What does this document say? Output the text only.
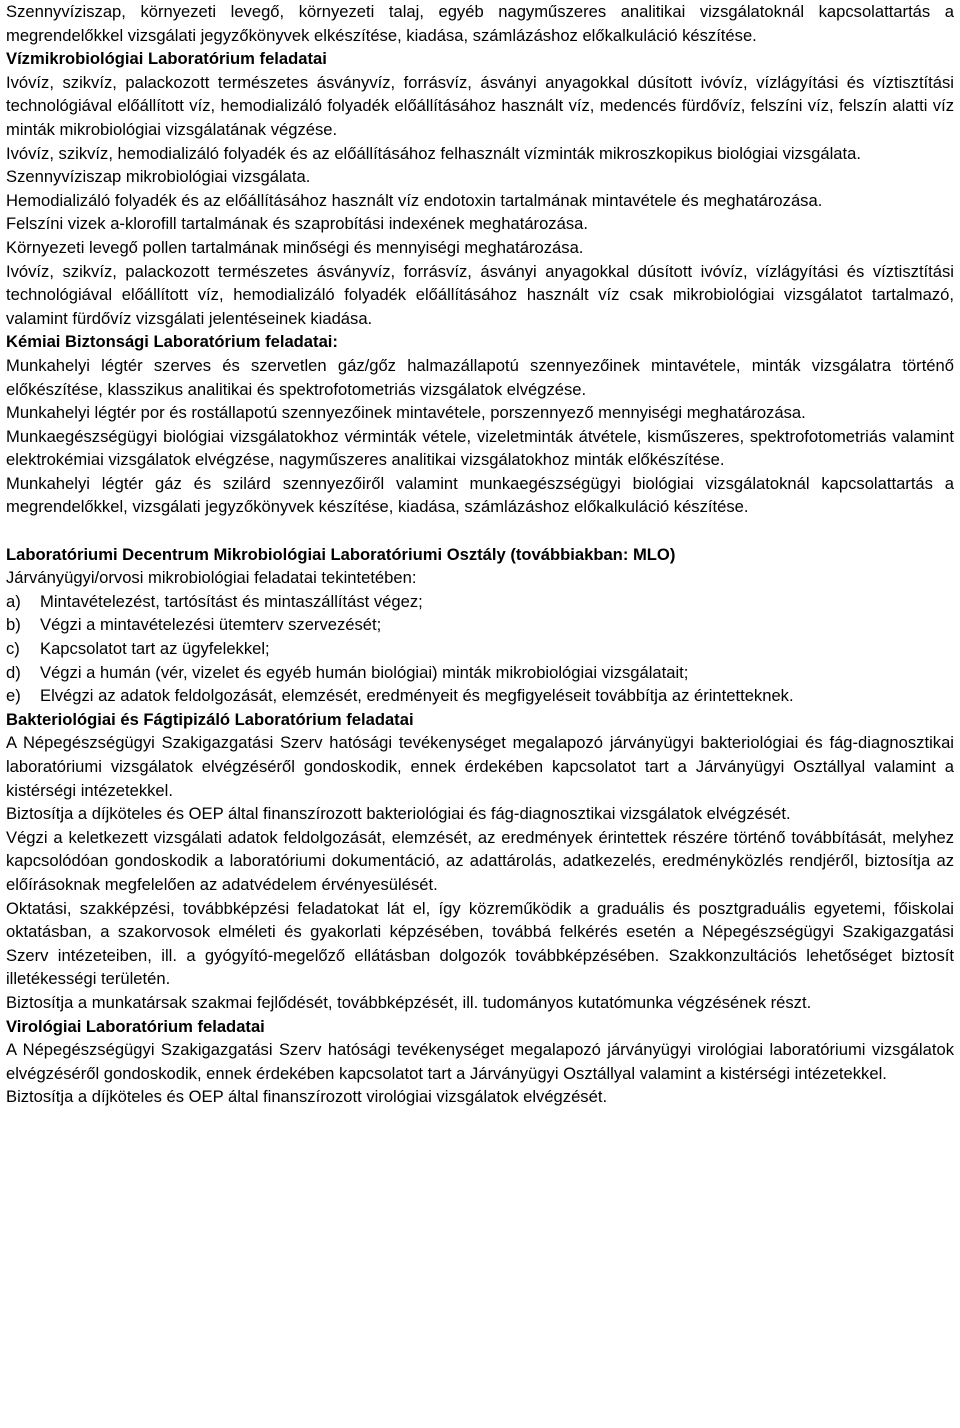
Szennyvíziszap, környezeti levegő, környezeti talaj, egyéb nagyműszeres analitikai vizsgálatoknál kapcsolattartás a megrendelőkkel vizsgálati jegyzőkönyvek elkészítése, kiadása, számlázáshoz előkalkuláció készítése.

Vízmikrobiológiai Laboratórium feladatai

Ivóvíz, szikvíz, palackozott természetes ásványvíz, forrásvíz, ásványi anyagokkal dúsított ivóvíz, vízlágyítási és víztisztítási technológiával előállított víz, hemodializáló folyadék előállításához használt víz, medencés fürdővíz, felszíni víz, felszín alatti víz minták mikrobiológiai vizsgálatának végzése.

Ivóvíz, szikvíz, hemodializáló folyadék és az előállításához felhasznált vízminták mikroszkopikus biológiai vizsgálata.

Szennyvíziszap mikrobiológiai vizsgálata.

Hemodializáló folyadék és az előállításához használt víz endotoxin tartalmának mintavétele és meghatározása.

Felszíni vizek a-klorofill tartalmának és szaprobítási indexének meghatározása.

Környezeti levegő pollen tartalmának minőségi és mennyiségi meghatározása.

Ivóvíz, szikvíz, palackozott természetes ásványvíz, forrásvíz, ásványi anyagokkal dúsított ivóvíz, vízlágyítási és víztisztítási technológiával előállított víz, hemodializáló folyadék előállításához használt víz csak mikrobiológiai vizsgálatot tartalmazó, valamint fürdővíz vizsgálati jelentéseinek kiadása.

Kémiai Biztonsági Laboratórium feladatai:

Munkahelyi légtér szerves és szervetlen gáz/gőz halmazállapotú szennyezőinek mintavétele, minták vizsgálatra történő előkészítése, klasszikus analitikai és spektrofotometriás vizsgálatok elvégzése.

Munkahelyi légtér por és rostállapotú szennyezőinek mintavétele, porszennyező mennyiségi meghatározása.

Munkaegészségügyi biológiai vizsgálatokhoz vérminták vétele, vizeletminták átvétele, kisműszeres, spektrofotometriás valamint elektrokémiai vizsgálatok elvégzése, nagyműszeres analitikai vizsgálatokhoz minták előkészítése.

Munkahelyi légtér gáz és szilárd szennyezőiről valamint munkaegészségügyi biológiai vizsgálatoknál kapcsolattartás a megrendelőkkel, vizsgálati jegyzőkönyvek készítése, kiadása, számlázáshoz előkalkuláció készítése.

Laboratóriumi Decentrum Mikrobiológiai Laboratóriumi Osztály (továbbiakban: MLO)

Járványügyi/orvosi mikrobiológiai feladatai tekintetében:

a)	Mintavételezést, tartósítást és mintaszállítást végez;
b)	Végzi a mintavételezési ütemterv szervezését;
c)	Kapcsolatot tart az ügyfelekkel;
d)	Végzi a humán (vér, vizelet és egyéb humán biológiai) minták mikrobiológiai vizsgálatait;
e)	Elvégzi az adatok feldolgozását, elemzését, eredményeit és megfigyeléseit továbbítja az érintetteknek.
Bakteriológiai és Fágtipizáló Laboratórium feladatai

A Népegészségügyi Szakigazgatási Szerv hatósági tevékenységet megalapozó járványügyi bakteriológiai és fág-diagnosztikai laboratóriumi vizsgálatok elvégzéséről gondoskodik, ennek érdekében kapcsolatot tart a Járványügyi Osztállyal valamint a kistérségi intézetekkel.

Biztosítja a díjköteles és OEP által finanszírozott bakteriológiai és fág-diagnosztikai vizsgálatok elvégzését.

Végzi a keletkezett vizsgálati adatok feldolgozását, elemzését, az eredmények érintettek részére történő továbbítását, melyhez kapcsolódóan gondoskodik a laboratóriumi dokumentáció, az adattárolás, adatkezelés, eredményközlés rendjéről, biztosítja az előírásoknak megfelelően az adatvédelem érvényesülését.

Oktatási, szakképzési, továbbképzési feladatokat lát el, így közreműködik a graduális és posztgraduális egyetemi, főiskolai oktatásban, a szakorvosok elméleti és gyakorlati képzésében, továbbá felkérés esetén a Népegészségügyi Szakigazgatási Szerv intézeteiben, ill. a gyógyító-megelőző ellátásban dolgozók továbbképzésében. Szakkonzultációs lehetőséget biztosít illetékességi területén.

Biztosítja a munkatársak szakmai fejlődését, továbbképzését, ill. tudományos kutatómunka végzésének részt.

Virológiai Laboratórium feladatai

A Népegészségügyi Szakigazgatási Szerv hatósági tevékenységet megalapozó járványügyi virológiai laboratóriumi vizsgálatok elvégzéséről gondoskodik, ennek érdekében kapcsolatot tart a Járványügyi Osztállyal valamint a kistérségi intézetekkel.

Biztosítja a díjköteles és OEP által finanszírozott virológiai vizsgálatok elvégzését.
